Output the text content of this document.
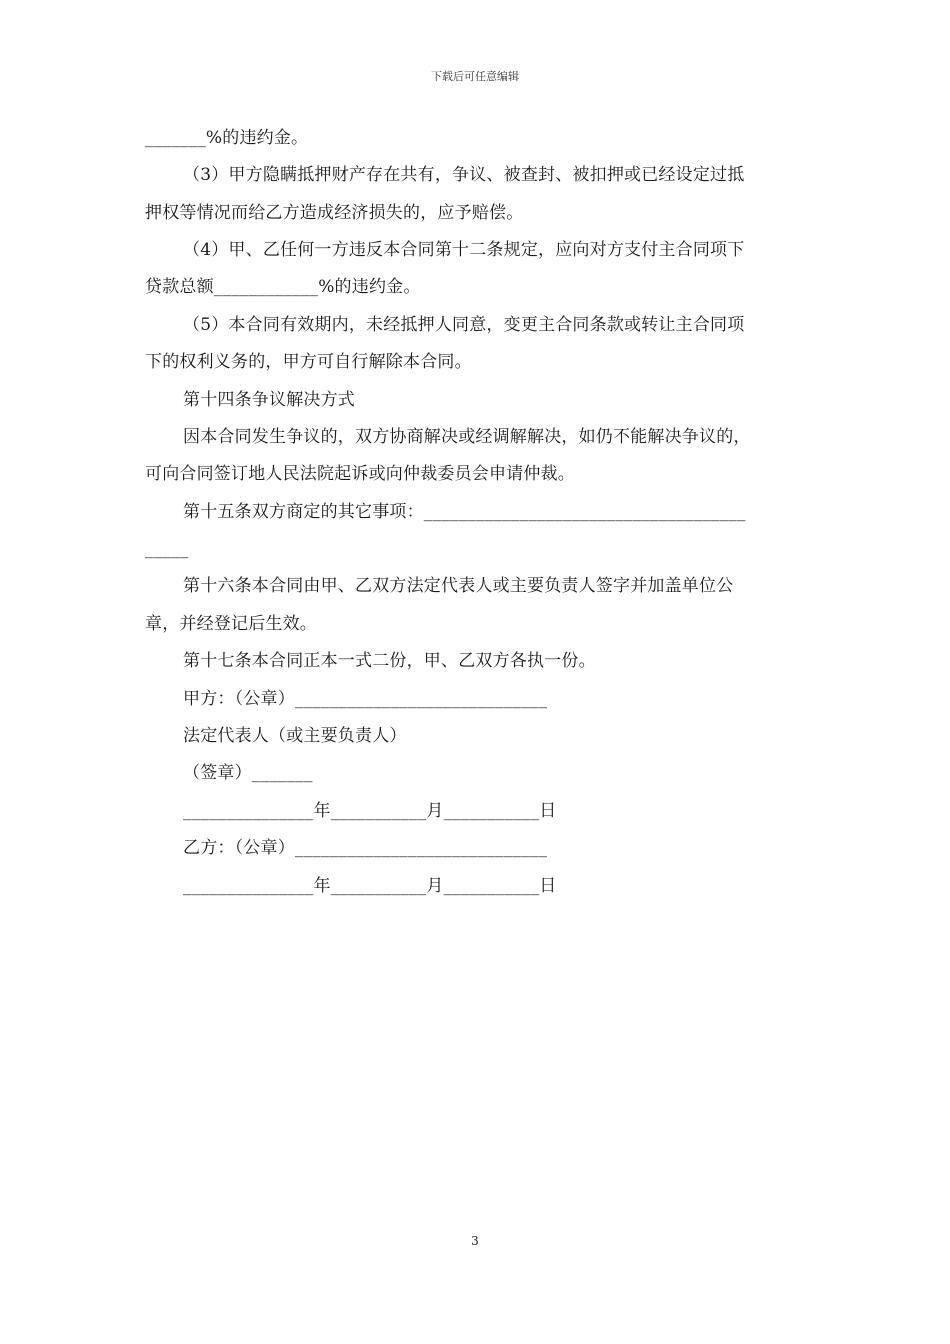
下载后可任意编辑
_______%的违约金。
（3）甲方隐瞒抵押财产存在共有，争议、被查封、被扣押或已经设定过抵
押权等情况而给乙方造成经济损失的，应予赔偿。
（4）甲、乙任何一方违反本合同第十二条规定，应向对方支付主合同项下
贷款总额____________%的违约金。
（5）本合同有效期内，未经抵押人同意，变更主合同条款或转让主合同项
下的权利义务的，甲方可自行解除本合同。
第十四条争议解决方式
因本合同发生争议的，双方协商解决或经调解解决，如仍不能解决争议的，
可向合同签订地人民法院起诉或向仲裁委员会申请仲裁。
第十五条双方商定的其它事项：_____________________________________
_____
第十六条本合同由甲、乙双方法定代表人或主要负责人签字并加盖单位公
章，并经登记后生效。
第十七条本合同正本一式二份，甲、乙双方各执一份。
甲方：（公章）_____________________________
法定代表人（或主要负责人）
（签章）_______
_______________年___________月___________日
乙方：（公章）_____________________________
_______________年___________月___________日
3
